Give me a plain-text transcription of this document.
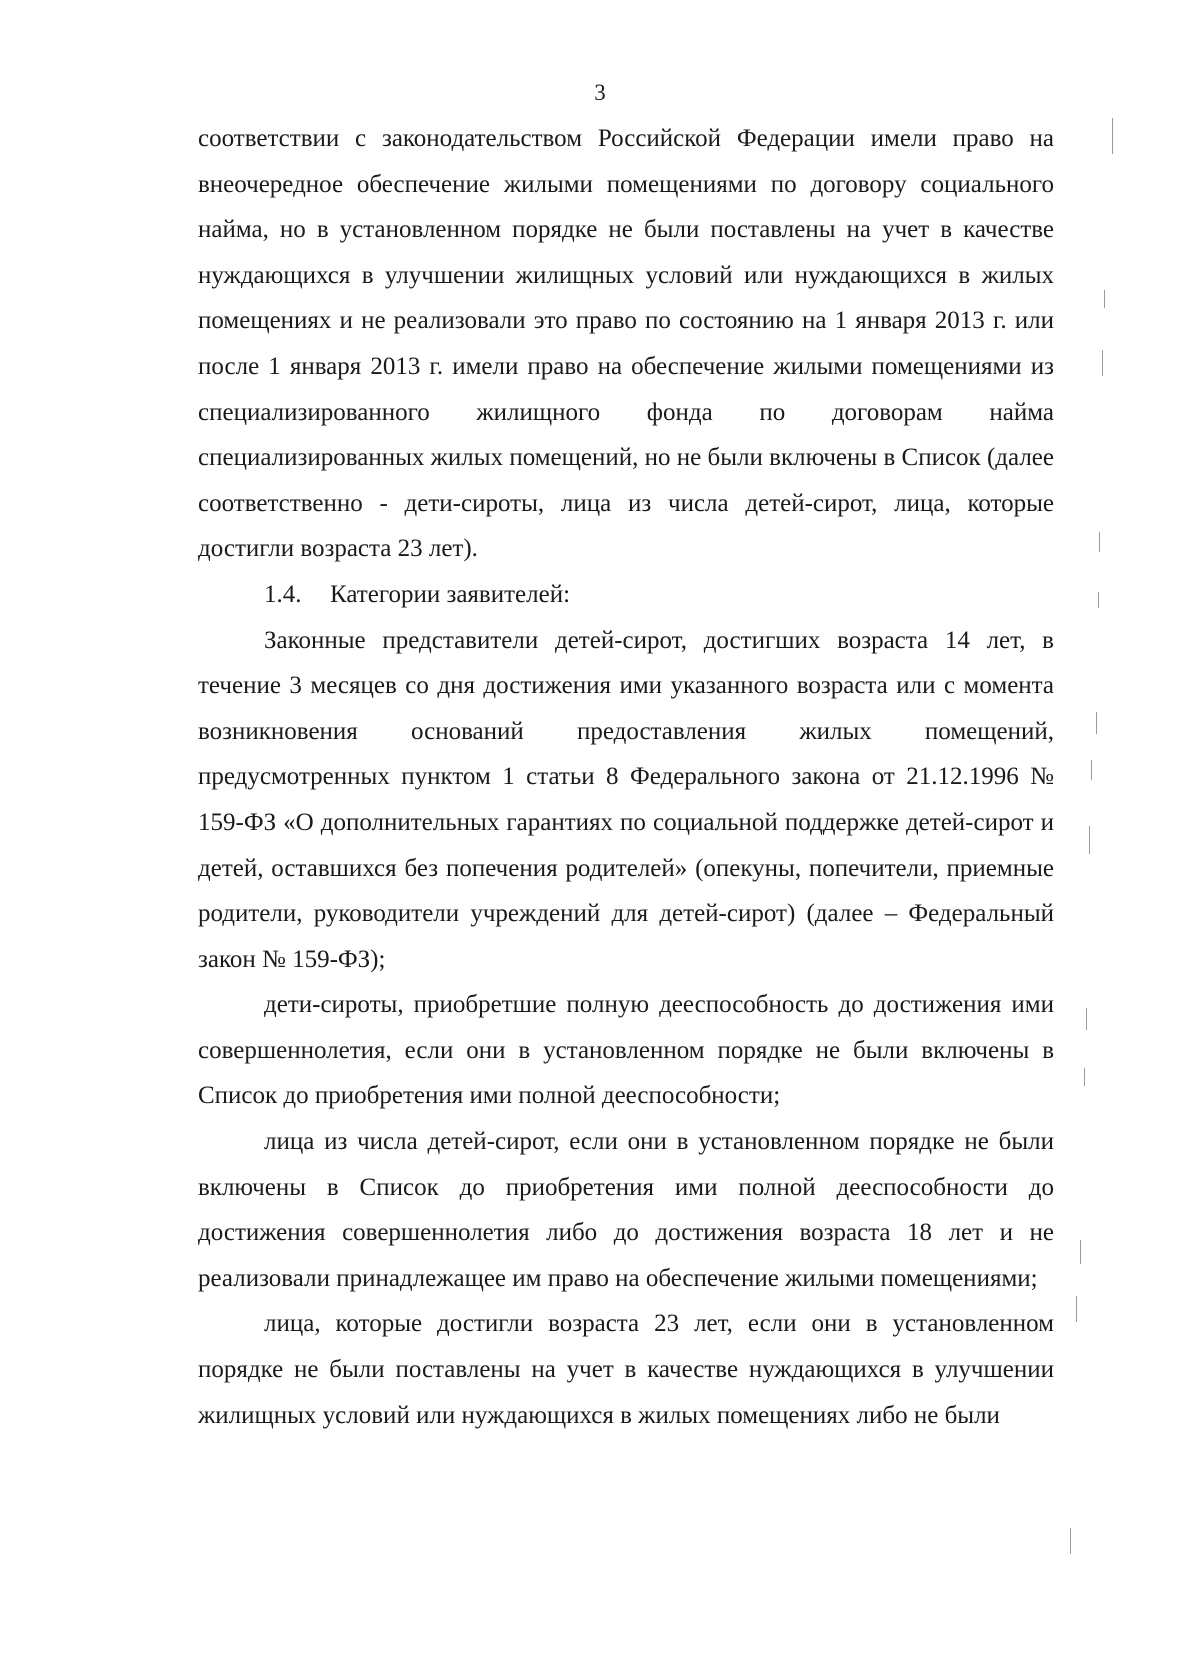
3

соответствии с законодательством Российской Федерации имели право на внеочередное обеспечение жилыми помещениями по договору социального найма, но в установленном порядке не были поставлены на учет в качестве нуждающихся в улучшении жилищных условий или нуждающихся в жилых помещениях и не реализовали это право по состоянию на 1 января 2013 г. или после 1 января 2013 г. имели право на обеспечение жилыми помещениями из специализированного жилищного фонда по договорам найма специализированных жилых помещений, но не были включены в Список (далее соответственно - дети-сироты, лица из числа детей-сирот, лица, которые достигли возраста 23 лет).

1.4. Категории заявителей:

Законные представители детей-сирот, достигших возраста 14 лет, в течение 3 месяцев со дня достижения ими указанного возраста или с момента возникновения оснований предоставления жилых помещений, предусмотренных пунктом 1 статьи 8 Федерального закона от 21.12.1996 № 159-ФЗ «О дополнительных гарантиях по социальной поддержке детей-сирот и детей, оставшихся без попечения родителей» (опекуны, попечители, приемные родители, руководители учреждений для детей-сирот) (далее – Федеральный закон № 159-ФЗ);

дети-сироты, приобретшие полную дееспособность до достижения ими совершеннолетия, если они в установленном порядке не были включены в Список до приобретения ими полной дееспособности;

лица из числа детей-сирот, если они в установленном порядке не были включены в Список до приобретения ими полной дееспособности до достижения совершеннолетия либо до достижения возраста 18 лет и не реализовали принадлежащее им право на обеспечение жилыми помещениями;

лица, которые достигли возраста 23 лет, если они в установленном порядке не были поставлены на учет в качестве нуждающихся в улучшении жилищных условий или нуждающихся в жилых помещениях либо не были
